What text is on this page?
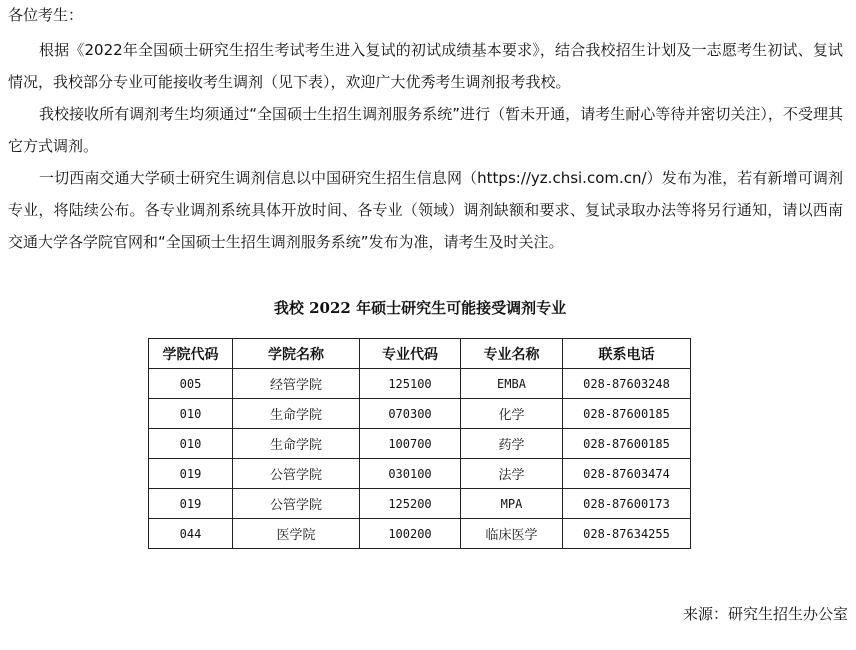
各位考生：

根据《2022年全国硕士研究生招生考试考生进入复试的初试成绩基本要求》，结合我校招生计划及一志愿考生初试、复试情况，我校部分专业可能接收考生调剂（见下表），欢迎广大优秀考生调剂报考我校。

我校接收所有调剂考生均须通过“全国硕士生招生调剂服务系统”进行（暂未开通，请考生耐心等待并密切关注），不受理其它方式调剂。

一切西南交通大学硕士研究生调剂信息以中国研究生招生信息网（https://yz.chsi.com.cn/）发布为准，若有新增可调剂专业，将陆续公布。各专业调剂系统具体开放时间、各专业（领域）调剂缺额和要求、复试录取办法等将另行通知，请以西南交通大学各学院官网和“全国硕士生招生调剂服务系统”发布为准，请考生及时关注。

我校 2022 年硕士研究生可能接受调剂专业

学院代码	学院名称	专业代码	专业名称	联系电话
005	经管学院	125100	EMBA	028-87603248
010	生命学院	070300	化学	028-87600185
010	生命学院	100700	药学	028-87600185
019	公管学院	030100	法学	028-87603474
019	公管学院	125200	MPA	028-87600173
044	医学院	100200	临床医学	028-87634255

来源：研究生招生办公室
